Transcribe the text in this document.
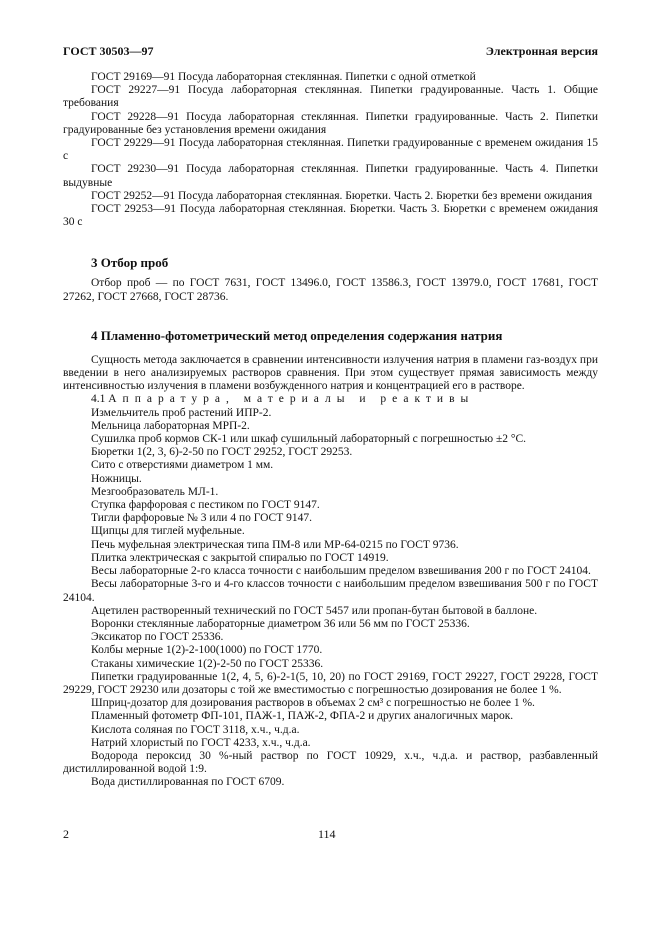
ГОСТ 30503—97	Электронная версия

ГОСТ 29169—91 Посуда лабораторная стеклянная. Пипетки с одной отметкой

ГОСТ 29227—91 Посуда лабораторная стеклянная. Пипетки градуированные. Часть 1. Общие требования

ГОСТ 29228—91 Посуда лабораторная стеклянная. Пипетки градуированные. Часть 2. Пипетки градуированные без установления времени ожидания

ГОСТ 29229—91 Посуда лабораторная стеклянная. Пипетки градуированные с временем ожидания 15 с

ГОСТ 29230—91 Посуда лабораторная стеклянная. Пипетки градуированные. Часть 4. Пипетки выдувные

ГОСТ 29252—91 Посуда лабораторная стеклянная. Бюретки. Часть 2. Бюретки без времени ожидания

ГОСТ 29253—91 Посуда лабораторная стеклянная. Бюретки. Часть 3. Бюретки с временем ожидания 30 с

3 Отбор проб

Отбор проб — по ГОСТ 7631, ГОСТ 13496.0, ГОСТ 13586.3, ГОСТ 13979.0, ГОСТ 17681, ГОСТ 27262, ГОСТ 27668, ГОСТ 28736.

4 Пламенно-фотометрический метод определения содержания натрия

Сущность метода заключается в сравнении интенсивности излучения натрия в пламени газ-воздух при введении в него анализируемых растворов сравнения. При этом существует прямая зависимость между интенсивностью излучения в пламени возбужденного натрия и концентрацией его в растворе.

4.1 Аппаратура, материалы и реактивы

Измельчитель проб растений ИПР-2.

Мельница лабораторная МРП-2.

Сушилка проб кормов СК-1 или шкаф сушильный лабораторный с погрешностью ±2 °С.

Бюретки 1(2, 3, 6)-2-50 по ГОСТ 29252, ГОСТ 29253.

Сито с отверстиями диаметром 1 мм.

Ножницы.

Мезгообразователь МЛ-1.

Ступка фарфоровая с пестиком по ГОСТ 9147.

Тигли фарфоровые № 3 или 4 по ГОСТ 9147.

Щипцы для тиглей муфельные.

Печь муфельная электрическая типа ПМ-8 или МР-64-0215 по ГОСТ 9736.

Плитка электрическая с закрытой спиралью по ГОСТ 14919.

Весы лабораторные 2-го класса точности с наибольшим пределом взвешивания 200 г по ГОСТ 24104.

Весы лабораторные 3-го и 4-го классов точности с наибольшим пределом взвешивания 500 г по ГОСТ 24104.

Ацетилен растворенный технический по ГОСТ 5457 или пропан-бутан бытовой в баллоне.

Воронки стеклянные лабораторные диаметром 36 или 56 мм по ГОСТ 25336.

Эксикатор по ГОСТ 25336.

Колбы мерные 1(2)-2-100(1000) по ГОСТ 1770.

Стаканы химические 1(2)-2-50 по ГОСТ 25336.

Пипетки градуированные 1(2, 4, 5, 6)-2-1(5, 10, 20) по ГОСТ 29169, ГОСТ 29227, ГОСТ 29228, ГОСТ 29229, ГОСТ 29230 или дозаторы с той же вместимостью с погрешностью дозирования не более 1 %.

Шприц-дозатор для дозирования растворов в объемах 2 см³ с погрешностью не более 1 %.

Пламенный фотометр ФП-101, ПАЖ-1, ПАЖ-2, ФПА-2 и других аналогичных марок.

Кислота соляная по ГОСТ 3118, х.ч., ч.д.а.

Натрий хлористый по ГОСТ 4233, х.ч., ч.д.а.

Водорода пероксид 30 %-ный раствор по ГОСТ 10929, х.ч., ч.д.а. и раствор, разбавленный дистиллированной водой 1:9.

Вода дистиллированная по ГОСТ 6709.

2	114
